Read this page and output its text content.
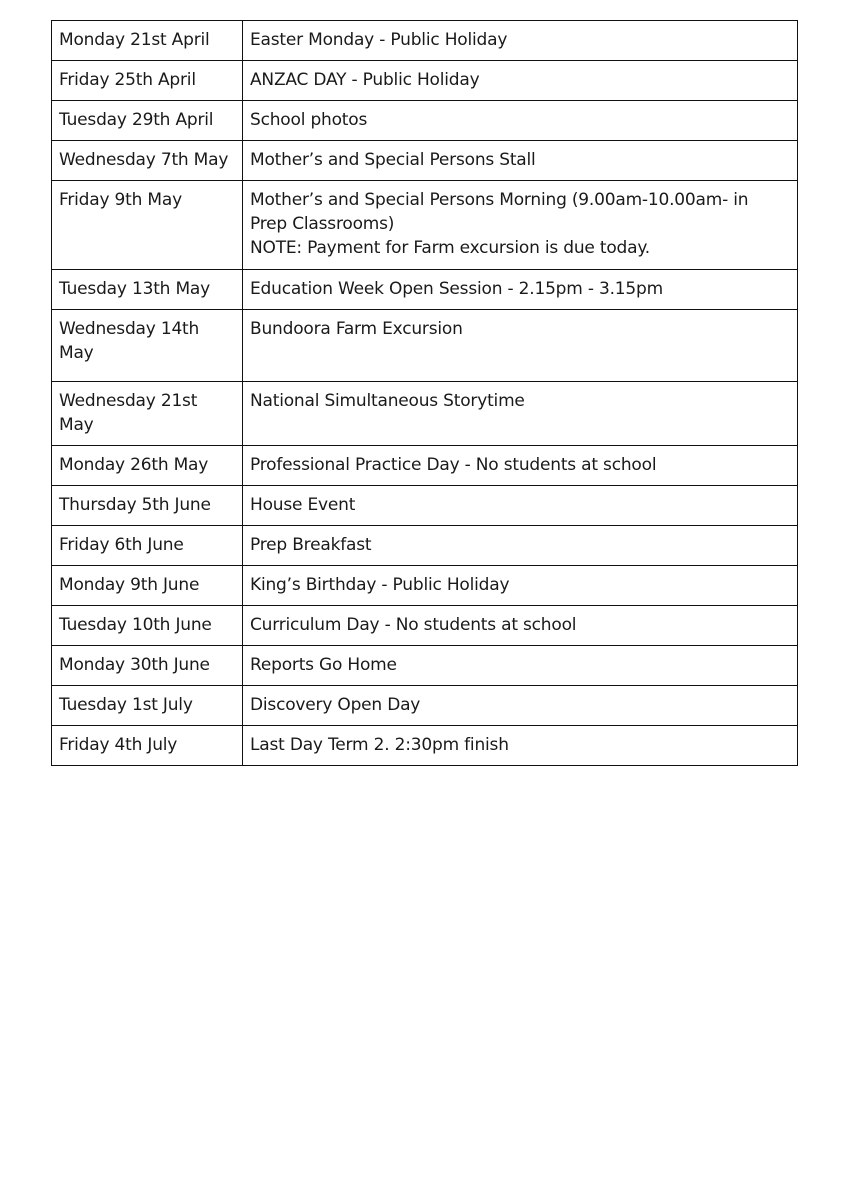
Monday 21st April	Easter Monday - Public Holiday
Friday 25th April	ANZAC DAY - Public Holiday
Tuesday 29th April	School photos
Wednesday 7th May	Mother’s and Special Persons Stall
Friday 9th May	Mother’s and Special Persons Morning (9.00am-10.00am- in Prep Classrooms)
NOTE: Payment for Farm excursion is due today.
Tuesday 13th May	Education Week Open Session - 2.15pm - 3.15pm
Wednesday 14th May	Bundoora Farm Excursion
Wednesday 21st May	National Simultaneous Storytime
Monday 26th May	Professional Practice Day - No students at school
Thursday 5th June	House Event
Friday 6th June	Prep Breakfast
Monday 9th June	King’s Birthday - Public Holiday
Tuesday 10th June	Curriculum Day - No students at school
Monday 30th June	Reports Go Home
Tuesday 1st July	Discovery Open Day
Friday 4th July	Last Day Term 2. 2:30pm finish
